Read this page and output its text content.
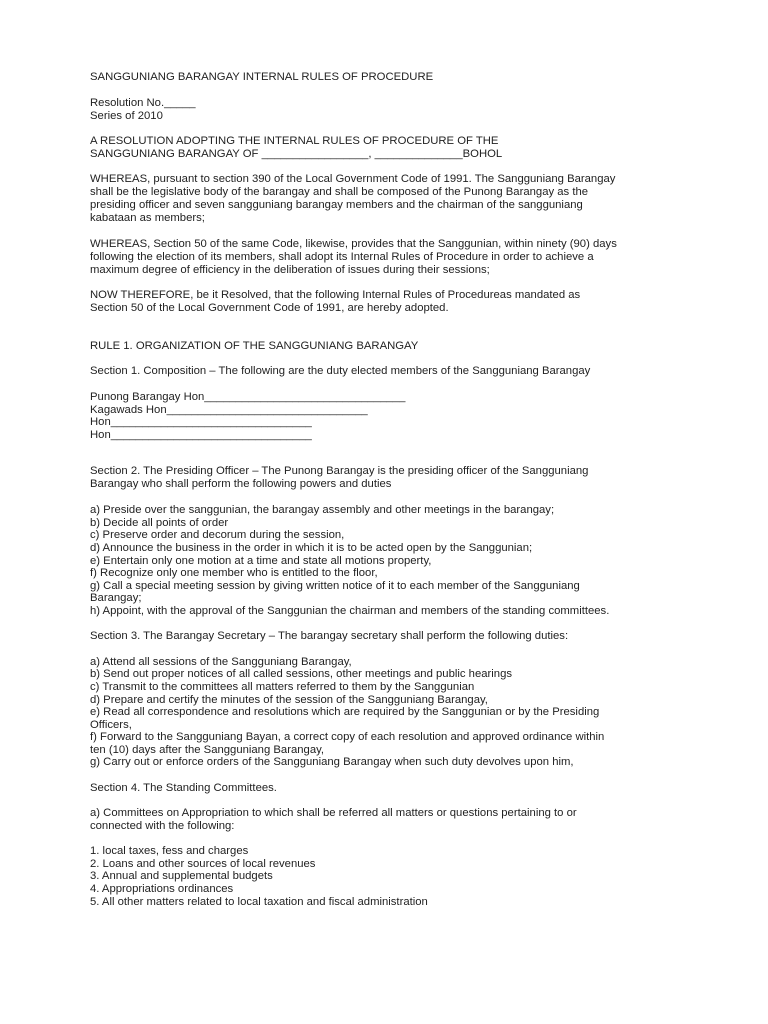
SANGGUNIANG BARANGAY INTERNAL RULES OF PROCEDURE

Resolution No._____

Series of 2010

A RESOLUTION ADOPTING THE INTERNAL RULES OF PROCEDURE OF THE

SANGGUNIANG BARANGAY OF _________________, ______________BOHOL

WHEREAS, pursuant to section 390 of the Local Government Code of 1991. The Sangguniang Barangay

shall be the legislative body of the barangay and shall be composed of the Punong Barangay as the

presiding officer and seven sangguniang barangay members and the chairman of the sangguniang

kabataan as members;

WHEREAS, Section 50 of the same Code, likewise, provides that the Sanggunian, within ninety (90) days

following the election of its members, shall adopt its Internal Rules of Procedure in order to achieve a

maximum degree of efficiency in the deliberation of issues during their sessions;

NOW THEREFORE, be it Resolved, that the following Internal Rules of Procedureas mandated as

Section 50 of the Local Government Code of 1991, are hereby adopted.

RULE 1. ORGANIZATION OF THE SANGGUNIANG BARANGAY

Section 1. Composition – The following are the duty elected members of the Sangguniang Barangay

Punong Barangay Hon________________________________

Kagawads Hon________________________________

Hon________________________________

Hon________________________________

Section 2. The Presiding Officer – The Punong Barangay is the presiding officer of the Sangguniang

Barangay who shall perform the following powers and duties

a) Preside over the sanggunian, the barangay assembly and other meetings in the barangay;

b) Decide all points of order

c) Preserve order and decorum during the session,

d) Announce the business in the order in which it is to be acted open by the Sanggunian;

e) Entertain only one motion at a time and state all motions property,

f) Recognize only one member who is entitled to the floor,

g) Call a special meeting session by giving written notice of it to each member of the Sangguniang

Barangay;

h) Appoint, with the approval of the Sanggunian the chairman and members of the standing committees.

Section 3. The Barangay Secretary – The barangay secretary shall perform the following duties:

a) Attend all sessions of the Sangguniang Barangay,

b) Send out proper notices of all called sessions, other meetings and public hearings

c) Transmit to the committees all matters referred to them by the Sanggunian

d) Prepare and certify the minutes of the session of the Sangguniang Barangay,

e) Read all correspondence and resolutions which are required by the Sanggunian or by the Presiding

Officers,

f) Forward to the Sangguniang Bayan, a correct copy of each resolution and approved ordinance within

ten (10) days after the Sangguniang Barangay,

g) Carry out or enforce orders of the Sangguniang Barangay when such duty devolves upon him,

Section 4. The Standing Committees.

a) Committees on Appropriation to which shall be referred all matters or questions pertaining to or

connected with the following:

1. local taxes, fess and charges

2. Loans and other sources of local revenues

3. Annual and supplemental budgets

4. Appropriations ordinances

5. All other matters related to local taxation and fiscal administration
